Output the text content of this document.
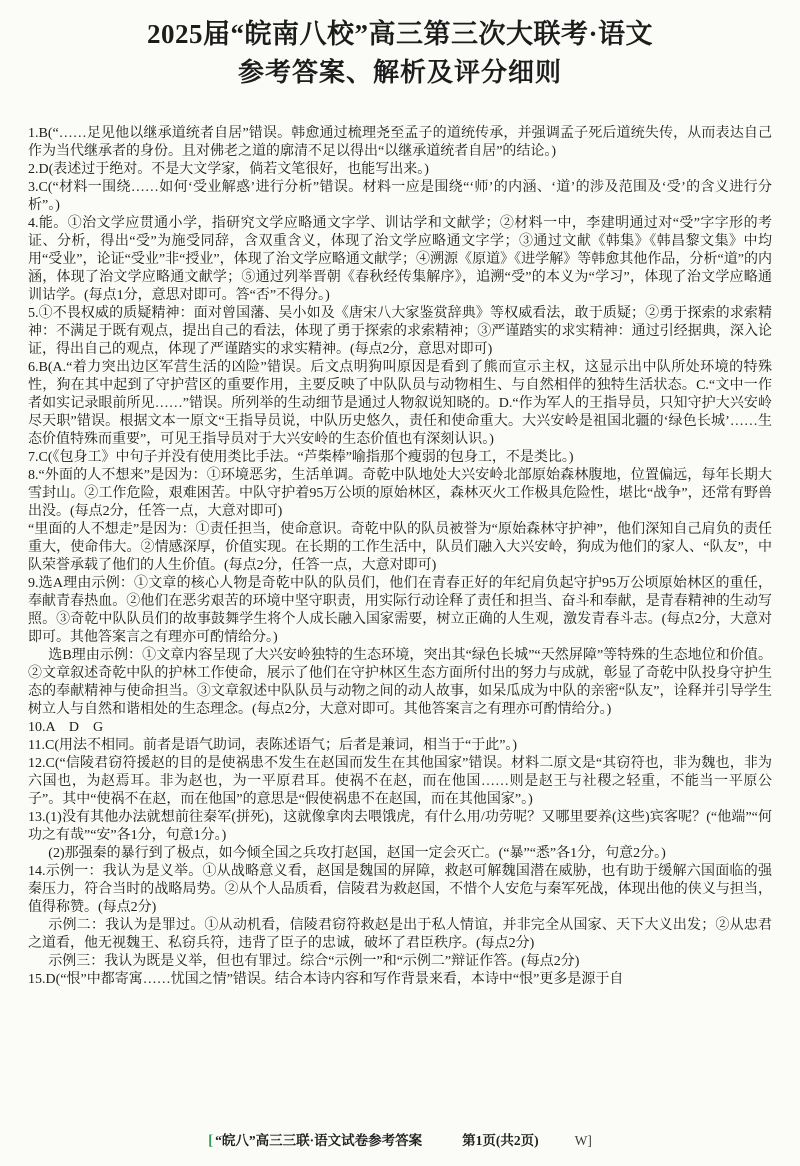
2025届“皖南八校”高三第三次大联考·语文
参考答案、解析及评分细则

1.B(“……足见他以继承道统者自居”错误。韩愈通过梳理尧至孟子的道统传承，并强调孟子死后道统失传，从而表达自己作为当代继承者的身份。且对佛老之道的廓清不足以得出“以继承道统者自居”的结论。)

2.D(表述过于绝对。不是大文学家，倘若文笔很好，也能写出来。)

3.C(“材料一围绕……如何‘受业解惑’进行分析”错误。材料一应是围绕“‘师’的内涵、‘道’的涉及范围及‘受’的含义进行分析”。)

4.能。①治文学应贯通小学，指研究文学应略通文字学、训诂学和文献学；②材料一中，李建明通过对“受”字字形的考证、分析，得出“受”为施受同辞，含双重含义，体现了治文学应略通文字学；③通过文献《韩集》《韩昌黎文集》中均用“受业”，论证“受业”非“授业”，体现了治文学应略通文献学；④溯源《原道》《进学解》等韩愈其他作品，分析“道”的内涵，体现了治文学应略通文献学；⑤通过列举晋朝《春秋经传集解序》，追溯“受”的本义为“学习”，体现了治文学应略通训诂学。(每点1分，意思对即可。答“否”不得分。)

5.①不畏权威的质疑精神：面对曾国藩、吴小如及《唐宋八大家鉴赏辞典》等权威看法，敢于质疑；②勇于探索的求索精神：不满足于既有观点，提出自己的看法，体现了勇于探索的求索精神；③严谨踏实的求实精神：通过引经据典，深入论证，得出自己的观点，体现了严谨踏实的求实精神。(每点2分，意思对即可)

6.B(A.“着力突出边区军营生活的凶险”错误。后文点明狗叫原因是看到了熊而宣示主权，这显示出中队所处环境的特殊性，狗在其中起到了守护营区的重要作用，主要反映了中队队员与动物相生、与自然相伴的独特生活状态。C.“文中一作者如实记录眼前所见……”错误。所列举的生动细节是通过人物叙说知晓的。D.“作为军人的王指导员，只知守护大兴安岭尽天职”错误。根据文本一原文“王指导员说，中队历史悠久，责任和使命重大。大兴安岭是祖国北疆的‘绿色长城’……生态价值特殊而重要”，可见王指导员对于大兴安岭的生态价值也有深刻认识。)

7.C(《包身工》中句子并没有使用类比手法。“芦柴棒”喻指那个瘦弱的包身工，不是类比。)

8.“外面的人不想来”是因为：①环境恶劣，生活单调。奇乾中队地处大兴安岭北部原始森林腹地，位置偏远，每年长期大雪封山。②工作危险，艰难困苦。中队守护着95万公顷的原始林区，森林灭火工作极具危险性，堪比“战争”，还常有野兽出没。(每点2分，任答一点，大意对即可)

“里面的人不想走”是因为：①责任担当，使命意识。奇乾中队的队员被誉为“原始森林守护神”，他们深知自己肩负的责任重大，使命伟大。②情感深厚，价值实现。在长期的工作生活中，队员们融入大兴安岭，狗成为他们的家人、“队友”，中队荣誉承载了他们的人生价值。(每点2分，任答一点，大意对即可)

9.选A理由示例：①文章的核心人物是奇乾中队的队员们，他们在青春正好的年纪肩负起守护95万公顷原始林区的重任，奉献青春热血。②他们在恶劣艰苦的环境中坚守职责，用实际行动诠释了责任和担当、奋斗和奉献，是青春精神的生动写照。③奇乾中队队员们的故事鼓舞学生将个人成长融入国家需要，树立正确的人生观，激发青春斗志。(每点2分，大意对即可。其他答案言之有理亦可酌情给分。)

选B理由示例：①文章内容呈现了大兴安岭独特的生态环境，突出其“绿色长城”“天然屏障”等特殊的生态地位和价值。②文章叙述奇乾中队的护林工作使命，展示了他们在守护林区生态方面所付出的努力与成就，彰显了奇乾中队投身守护生态的奉献精神与使命担当。③文章叙述中队队员与动物之间的动人故事，如呆瓜成为中队的亲密“队友”，诠释并引导学生树立人与自然和谐相处的生态理念。(每点2分，大意对即可。其他答案言之有理亦可酌情给分。)

10.A　D　G

11.C(用法不相同。前者是语气助词，表陈述语气；后者是兼词，相当于“于此”。)

12.C(“信陵君窃符援赵的目的是使祸患不发生在赵国而发生在其他国家”错误。材料二原文是“其窃符也，非为魏也，非为六国也，为赵焉耳。非为赵也，为一平原君耳。使祸不在赵，而在他国……则是赵王与社稷之轻重，不能当一平原公子”。其中“使祸不在赵，而在他国”的意思是“假使祸患不在赵国，而在其他国家”。)

13.(1)没有其他办法就想前往秦军(拼死)，这就像拿肉去喂饿虎，有什么用/功劳呢？又哪里要养(这些)宾客呢？(“他端”“何功之有哉”“安”各1分，句意1分。)

(2)那强秦的暴行到了极点，如今倾全国之兵攻打赵国，赵国一定会灭亡。(“暴”“悉”各1分，句意2分。)

14.示例一：我认为是义举。①从战略意义看，赵国是魏国的屏障，救赵可解魏国潜在威胁，也有助于缓解六国面临的强秦压力，符合当时的战略局势。②从个人品质看，信陵君为救赵国，不惜个人安危与秦军死战，体现出他的侠义与担当，值得称赞。(每点2分)

示例二：我认为是罪过。①从动机看，信陵君窃符救赵是出于私人情谊，并非完全从国家、天下大义出发；②从忠君之道看，他无视魏王、私窃兵符，违背了臣子的忠诚，破坏了君臣秩序。(每点2分)

示例三：我认为既是义举，但也有罪过。综合“示例一”和“示例二”辩证作答。(每点2分)

15.D(“恨”中都寄寓……忧国之情”错误。结合本诗内容和写作背景来看，本诗中“恨”更多是源于自

[ “皖八”高三三联·语文试卷参考答案	第1页(共2页)	W]
